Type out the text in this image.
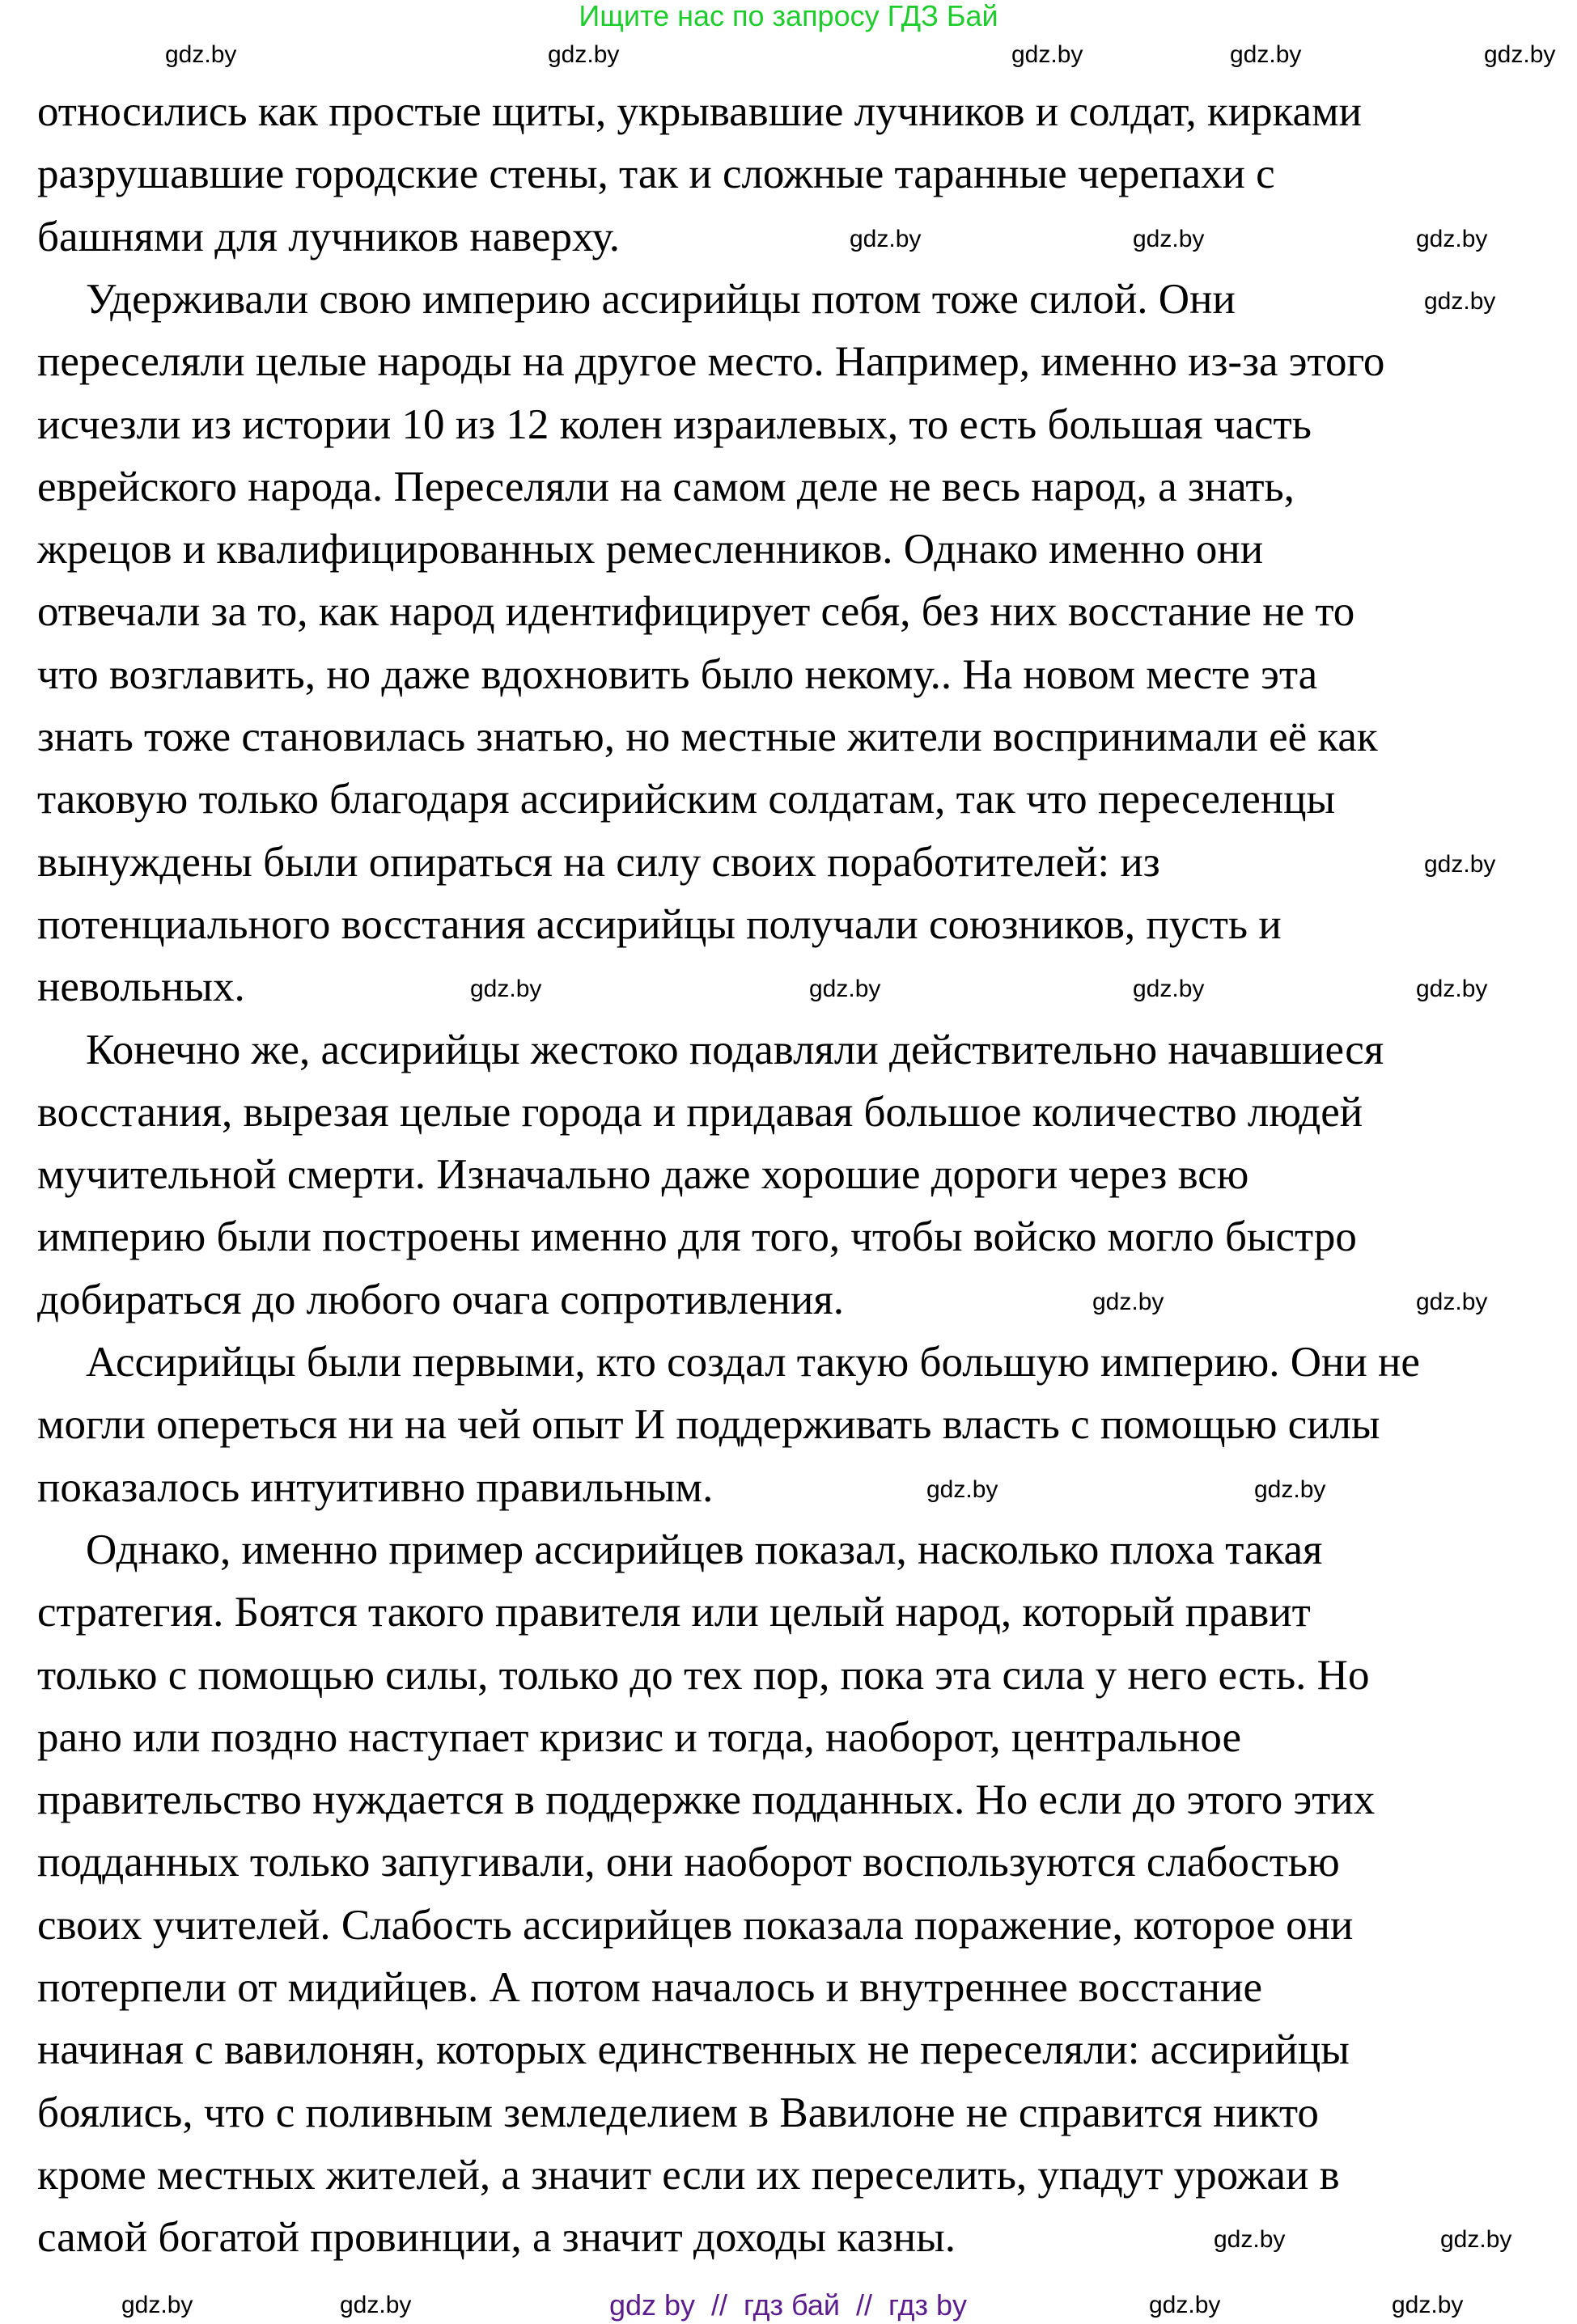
Ищите нас по запросу ГДЗ Бай
относились как простые щиты, укрывавшие лучников и солдат, кирками
разрушавшие городские стены, так и сложные таранные черепахи с
башнями для лучников наверху.
Удерживали свою империю ассирийцы потом тоже силой. Они
переселяли целые народы на другое место. Например, именно из-за этого
исчезли из истории 10 из 12 колен израилевых, то есть большая часть
еврейского народа. Переселяли на самом деле не весь народ, а знать,
жрецов и квалифицированных ремесленников. Однако именно они
отвечали за то, как народ идентифицирует себя, без них восстание не то
что возглавить, но даже вдохновить было некому.. На новом месте эта
знать тоже становилась знатью, но местные жители воспринимали её как
таковую только благодаря ассирийским солдатам, так что переселенцы
вынуждены были опираться на силу своих поработителей: из
потенциального восстания ассирийцы получали союзников, пусть и
невольных.
Конечно же, ассирийцы жестоко подавляли действительно начавшиеся
восстания, вырезая целые города и придавая большое количество людей
мучительной смерти. Изначально даже хорошие дороги через всю
империю были построены именно для того, чтобы войско могло быстро
добираться до любого очага сопротивления.
Ассирийцы были первыми, кто создал такую большую империю. Они не
могли опереться ни на чей опыт И поддерживать власть с помощью силы
показалось интуитивно правильным.
Однако, именно пример ассирийцев показал, насколько плоха такая
стратегия. Боятся такого правителя или целый народ, который правит
только с помощью силы, только до тех пор, пока эта сила у него есть. Но
рано или поздно наступает кризис и тогда, наоборот, центральное
правительство нуждается в поддержке подданных. Но если до этого этих
подданных только запугивали, они наоборот воспользуются слабостью
своих учителей. Слабость ассирийцев показала поражение, которое они
потерпели от мидийцев. А потом началось и внутреннее восстание
начиная с вавилонян, которых единственных не переселяли: ассирийцы
боялись, что с поливным земледелием в Вавилоне не справится никто
кроме местных жителей, а значит если их переселить, упадут урожаи в
самой богатой провинции, а значит доходы казны.
gdz.by	gdz.by	gdz.by	gdz.by	gdz.by
gdz.by	gdz.by	gdz.by
gdz.by
gdz.by
gdz.by	gdz.by	gdz.by	gdz.by
gdz.by	gdz.by
gdz.by	gdz.by
gdz.by	gdz.by
gdz.by	gdz.by	gdz.by	gdz.by
gdz by  //  гдз бай  //  гдз by
